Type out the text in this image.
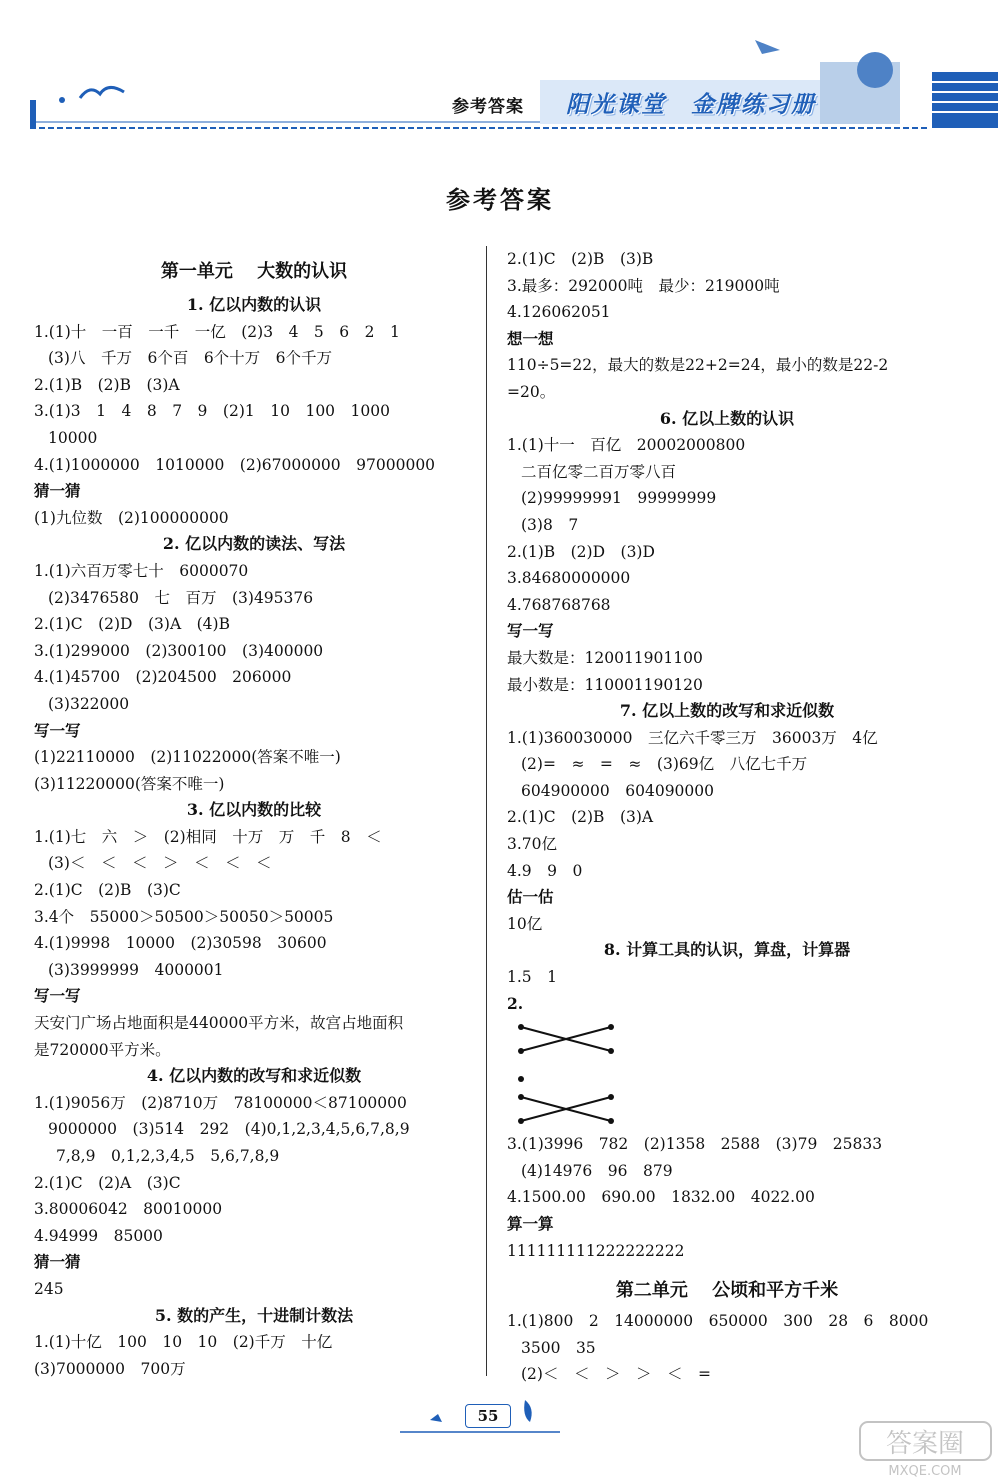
参考答案 阳光课堂　金牌练习册
参考答案
第一单元　 大数的认识
1. 亿以内数的认识
1.(1)十　一百　一千　一亿　(2)3　4　5　6　2　1
(3)八　千万　6个百　6个十万　6个千万
2.(1)B　(2)B　(3)A
3.(1)3　1　4　8　7　9　(2)1　10　100　1000
10000
4.(1)1000000　1010000　(2)67000000　97000000
猜一猜
(1)九位数　(2)100000000
2. 亿以内数的读法、写法
1.(1)六百万零七十　6000070
(2)3476580　七　百万　(3)495376
2.(1)C　(2)D　(3)A　(4)B
3.(1)299000　(2)300100　(3)400000
4.(1)45700　(2)204500　206000
(3)322000
写一写
(1)22110000　(2)11022000(答案不唯一)
(3)11220000(答案不唯一)
3. 亿以内数的比较
1.(1)七　六　＞　(2)相同　十万　万　千　8　＜
(3)＜　＜　＜　＞　＜　＜　＜
2.(1)C　(2)B　(3)C
3.4个　55000＞50500＞50050＞50005
4.(1)9998　10000　(2)30598　30600
(3)3999999　4000001
写一写
天安门广场占地面积是440000平方米，故宫占地面积
是720000平方米。
4. 亿以内数的改写和求近似数
1.(1)9056万　(2)8710万　78100000＜87100000
9000000　(3)514　292　(4)0,1,2,3,4,5,6,7,8,9
7,8,9　0,1,2,3,4,5　5,6,7,8,9
2.(1)C　(2)A　(3)C
3.80006042　80010000
4.94999　85000
猜一猜
245
5. 数的产生，十进制计数法
1.(1)十亿　100　10　10　(2)千万　十亿
(3)7000000　700万
2.(1)C　(2)B　(3)B
3.最多：292000吨　最少：219000吨
4.126062051
想一想
110÷5=22，最大的数是22+2=24，最小的数是22-2
=20。
6. 亿以上数的认识
1.(1)十一　百亿　20002000800
二百亿零二百万零八百
(2)99999991　99999999
(3)8　7
2.(1)B　(2)D　(3)D
3.84680000000
4.768768768
写一写
最大数是：120011901100
最小数是：110001190120
7. 亿以上数的改写和求近似数
1.(1)360030000　三亿六千零三万　36003万　4亿
(2)=　≈　=　≈　(3)69亿　八亿七千万
604900000　604090000
2.(1)C　(2)B　(3)A
3.70亿
4.9　9　0
估一估
10亿
8. 计算工具的认识，算盘，计算器
1.5　1
2.
3.(1)3996　782　(2)1358　2588　(3)79　25833
(4)14976　96　879
4.1500.00　690.00　1832.00　4022.00
算一算
111111111222222222
第二单元　 公顷和平方千米
1.(1)800　2　14000000　650000　300　28　6　8000
3500　35
(2)＜　＜　＞　＞　＜　=
55
答案圈
MXQE.COM
